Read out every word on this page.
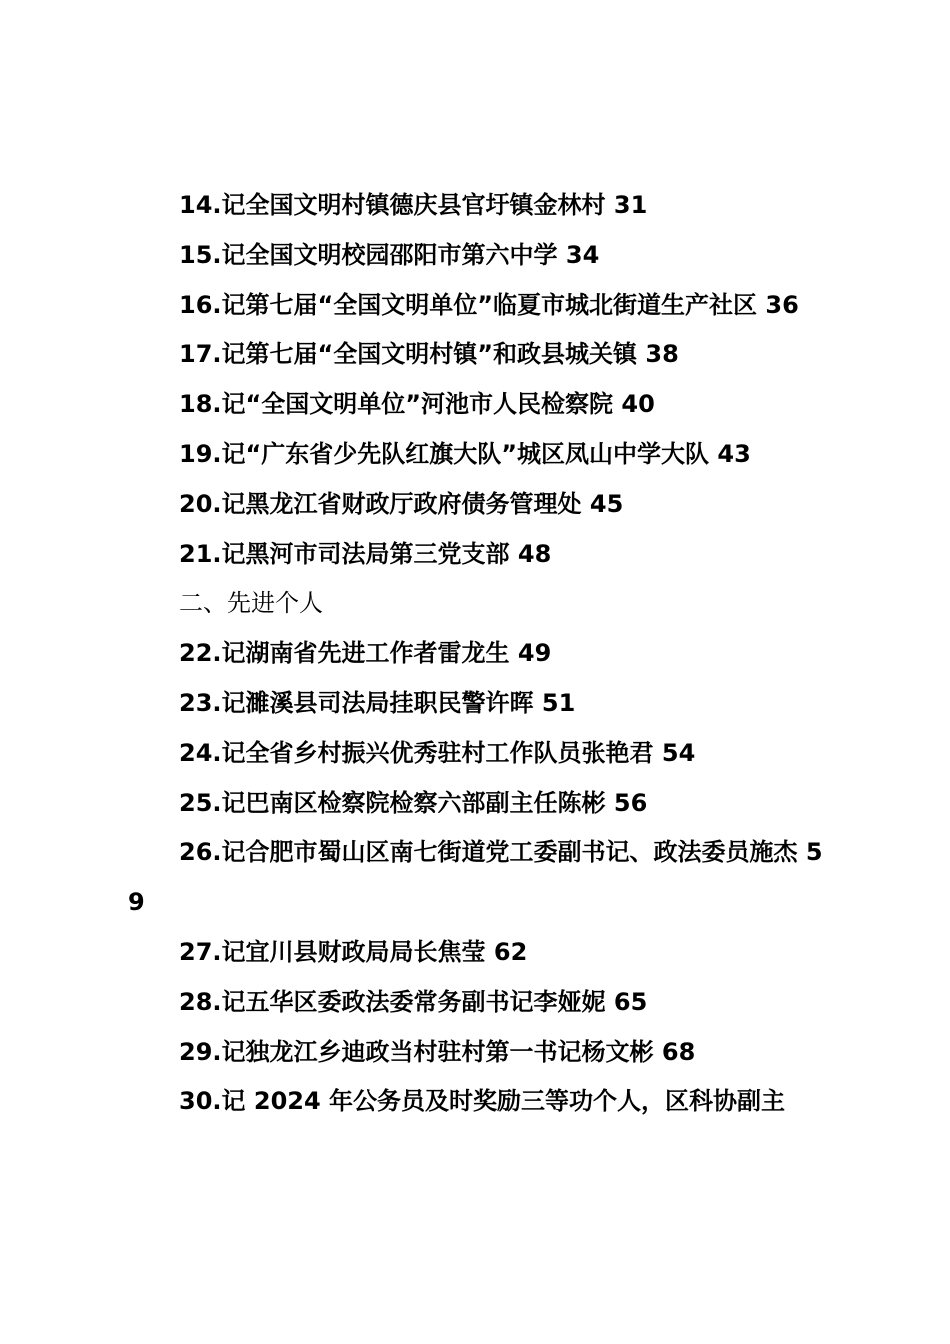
14.记全国文明村镇德庆县官圩镇金林村 31

15.记全国文明校园邵阳市第六中学 34

16.记第七届“全国文明单位”临夏市城北街道生产社区 36

17.记第七届“全国文明村镇”和政县城关镇 38

18.记“全国文明单位”河池市人民检察院 40

19.记“广东省少先队红旗大队”城区凤山中学大队 43

20.记黑龙江省财政厅政府债务管理处 45

21.记黑河市司法局第三党支部 48

二、先进个人

22.记湖南省先进工作者雷龙生 49

23.记濉溪县司法局挂职民警许晖 51

24.记全省乡村振兴优秀驻村工作队员张艳君 54

25.记巴南区检察院检察六部副主任陈彬 56

26.记合肥市蜀山区南七街道党工委副书记、政法委员施杰 59

27.记宜川县财政局局长焦莹 62

28.记五华区委政法委常务副书记李娅妮 65

29.记独龙江乡迪政当村驻村第一书记杨文彬 68

30.记 2024 年公务员及时奖励三等功个人，区科协副主
